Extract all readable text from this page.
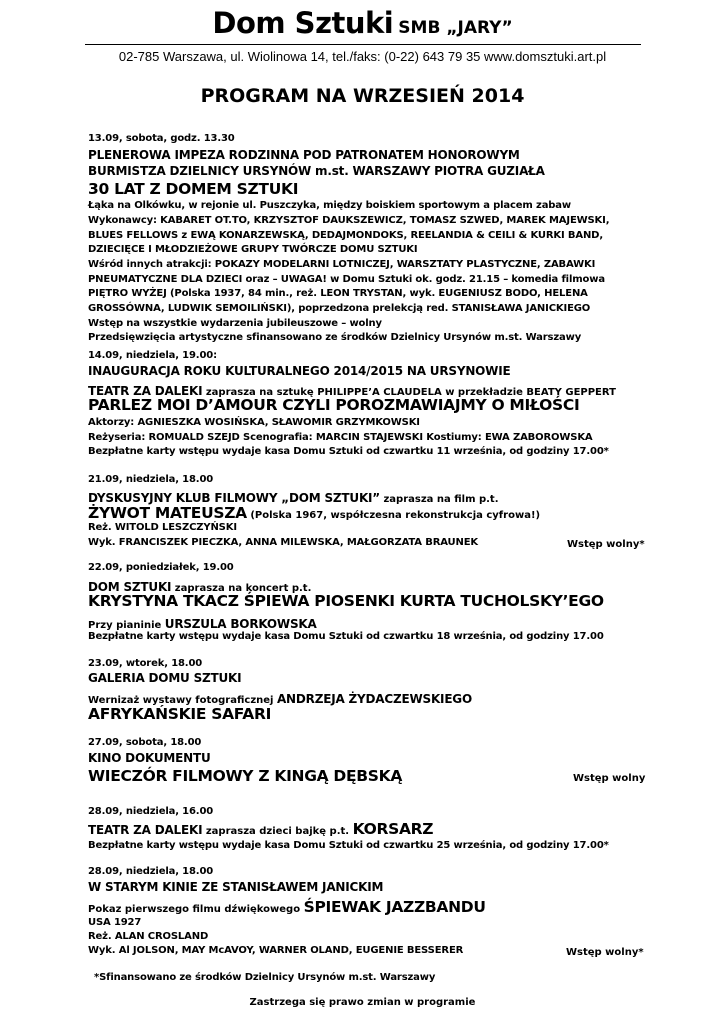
Dom Sztuki SMB „JARY”
02-785 Warszawa, ul. Wiolinowa 14, tel./faks: (0-22) 643 79 35 www.domsztuki.art.pl
PROGRAM NA WRZESIEŃ 2014
13.09, sobota, godz. 13.30
PLENEROWA IMPEZA RODZINNA POD PATRONATEM HONOROWYM
BURMISTZA DZIELNICY URSYNÓW m.st. WARSZAWY PIOTRA GUZIAŁA
30 LAT Z DOMEM SZTUKI
Łąka na Olkówku, w rejonie ul. Puszczyka, między boiskiem sportowym a placem zabaw
Wykonawcy: KABARET OT.TO, KRZYSZTOF DAUKSZEWICZ, TOMASZ SZWED, MAREK MAJEWSKI,
BLUES FELLOWS z EWĄ KONARZEWSKĄ, DEDAJMONDOKS, REELANDIA & CEILI & KURKI BAND,
DZIECIĘCE I MŁODZIEŻOWE GRUPY TWÓRCZE DOMU SZTUKI
Wśród innych atrakcji: POKAZY MODELARNI LOTNICZEJ, WARSZTATY PLASTYCZNE, ZABAWKI
PNEUMATYCZNE DLA DZIECI oraz – UWAGA! w Domu Sztuki ok. godz. 21.15 – komedia filmowa
PIĘTRO WYŻEJ (Polska 1937, 84 min., reż. LEON TRYSTAN, wyk. EUGENIUSZ BODO, HELENA
GROSSÓWNA, LUDWIK SEMOILIŃSKI), poprzedzona prelekcją red. STANISŁAWA JANICKIEGO
Wstęp na wszystkie wydarzenia jubileuszowe – wolny
Przedsięwzięcia artystyczne sfinansowano ze środków Dzielnicy Ursynów m.st. Warszawy
14.09, niedziela, 19.00:
INAUGURACJA ROKU KULTURALNEGO 2014/2015 NA URSYNOWIE
TEATR ZA DALEKI zaprasza na sztukę PHILIPPE’A CLAUDELA w przekładzie BEATY GEPPERT
PARLEZ MOI D’AMOUR CZYLI POROZMAWIAJMY O MIŁOŚCI
Aktorzy: AGNIESZKA WOSIŃSKA, SŁAWOMIR GRZYMKOWSKI
Reżyseria: ROMUALD SZEJD Scenografia: MARCIN STAJEWSKI Kostiumy: EWA ZABOROWSKA
Bezpłatne karty wstępu wydaje kasa Domu Sztuki od czwartku 11 września, od godziny 17.00*
21.09, niedziela, 18.00
DYSKUSYJNY KLUB FILMOWY „DOM SZTUKI” zaprasza na film p.t.
ŻYWOT MATEUSZA (Polska 1967, współczesna rekonstrukcja cyfrowa!)
Reż. WITOLD LESZCZYŃSKI
Wyk. FRANCISZEK PIECZKA, ANNA MILEWSKA, MAŁGORZATA BRAUNEK	Wstęp wolny*
22.09, poniedziałek, 19.00
DOM SZTUKI zaprasza na koncert p.t.
KRYSTYNA TKACZ ŚPIEWA PIOSENKI KURTA TUCHOLSKY’EGO
Przy pianinie URSZULA BORKOWSKA
Bezpłatne karty wstępu wydaje kasa Domu Sztuki od czwartku 18 września, od godziny 17.00
23.09, wtorek, 18.00
GALERIA DOMU SZTUKI
Wernizaż wystawy fotograficznej ANDRZEJA ŻYDACZEWSKIEGO
AFRYKAŃSKIE SAFARI
27.09, sobota, 18.00
KINO DOKUMENTU
WIECZÓR FILMOWY Z KINGĄ DĘBSKĄ	Wstęp wolny
28.09, niedziela, 16.00
TEATR ZA DALEKI zaprasza dzieci bajkę p.t. KORSARZ
Bezpłatne karty wstępu wydaje kasa Domu Sztuki od czwartku 25 września, od godziny 17.00*
28.09, niedziela, 18.00
W STARYM KINIE ZE STANISŁAWEM JANICKIM
Pokaz pierwszego filmu dźwiękowego ŚPIEWAK JAZZBANDU
USA 1927
Reż. ALAN CROSLAND
Wyk. Al JOLSON, MAY McAVOY, WARNER OLAND, EUGENIE BESSERER	Wstęp wolny*
*Sfinansowano ze środków Dzielnicy Ursynów m.st. Warszawy
Zastrzega się prawo zmian w programie
